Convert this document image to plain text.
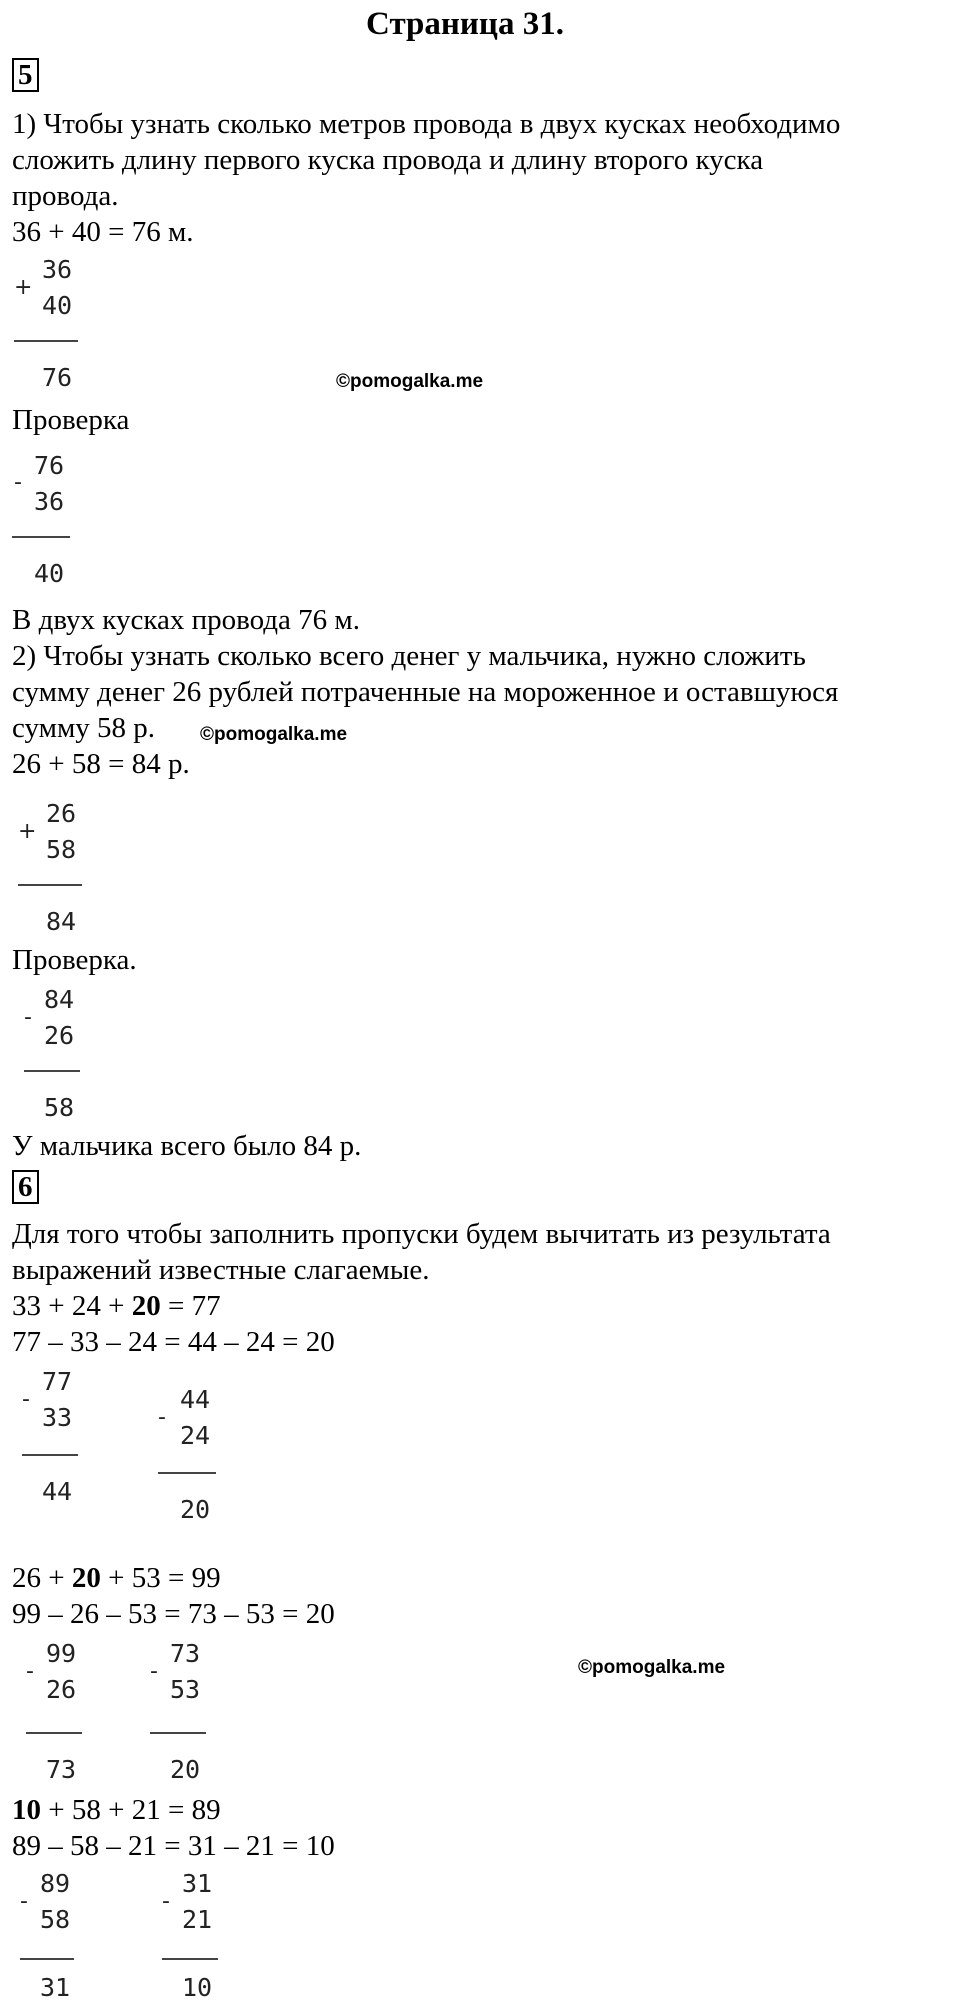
Страница 31.
5
1) Чтобы узнать сколько метров провода в двух кусках необходимо
сложить длину первого куска провода и длину второго куска
провода.
36 + 40 = 76 м.
+
36
40
76	©pomogalka.me
Проверка
-
76
36
40
В двух кусках провода 76 м.
2) Чтобы узнать сколько всего денег у мальчика, нужно сложить
сумму денег 26 рублей потраченные на мороженное и оставшуюся
сумму 58 р. ©pomogalka.me
26 + 58 = 84 р.
+
26
58
84
Проверка.
-
84
26
58
У мальчика всего было 84 р.
6
Для того чтобы заполнить пропуски будем вычитать из результата
выражений известные слагаемые.
33 + 24 + 20 = 77
77 – 33 – 24 = 44 – 24 = 20
-
77
33
44
-
44
24
20
26 + 20 + 53 = 99
99 – 26 – 53 = 73 – 53 = 20
-
99
26
73
-
73
53
20
©pomogalka.me
10 + 58 + 21 = 89
89 – 58 – 21 = 31 – 21 = 10
-
89
58
31
-
31
21
10
